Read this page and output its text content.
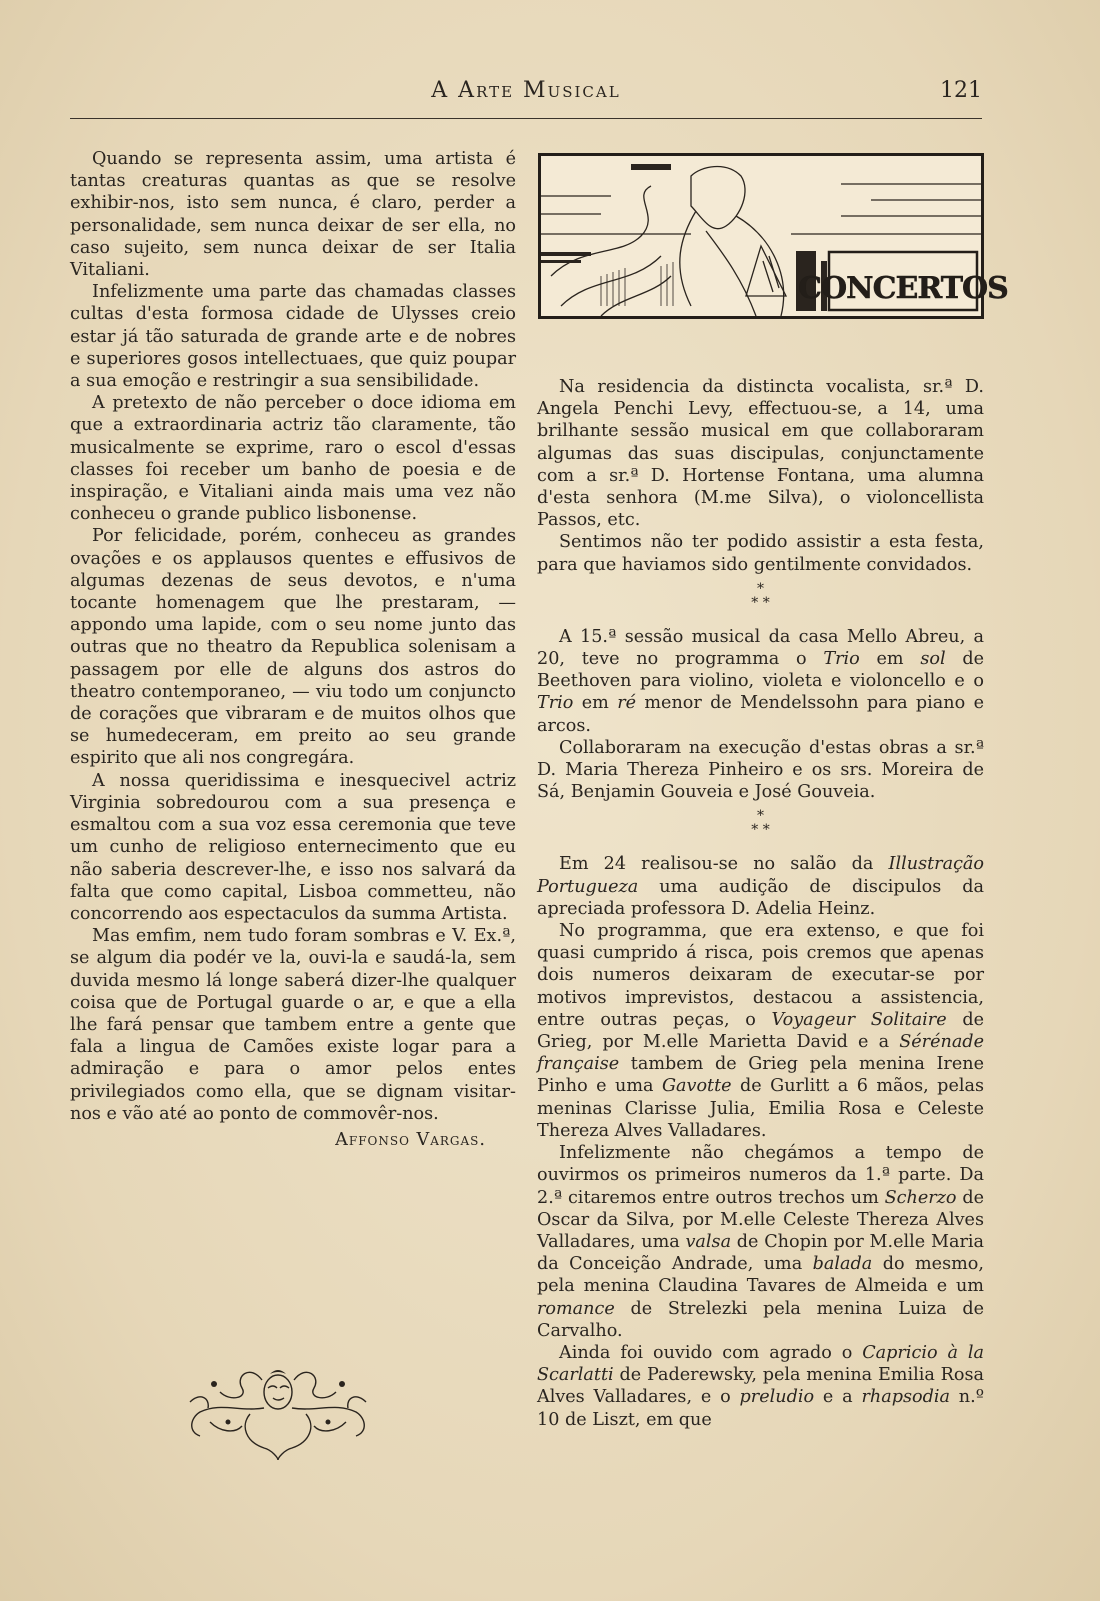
A Arte Musical	121

Quando se representa assim, uma artista é tantas creaturas quantas as que se resolve exhibir-nos, isto sem nunca, é claro, perder a personalidade, sem nunca deixar de ser ella, no caso sujeito, sem nunca deixar de ser Italia Vitaliani.

Infelizmente uma parte das chamadas classes cultas d'esta formosa cidade de Ulysses creio estar já tão saturada de grande arte e de nobres e superiores gosos intellectuaes, que quiz poupar a sua emoção e restringir a sua sensibilidade.

A pretexto de não perceber o doce idioma em que a extraordinaria actriz tão claramente, tão musicalmente se exprime, raro o escol d'essas classes foi receber um banho de poesia e de inspiração, e Vitaliani ainda mais uma vez não conheceu o grande publico lisbonense.

Por felicidade, porém, conheceu as grandes ovações e os applausos quentes e effusivos de algumas dezenas de seus devotos, e n'uma tocante homenagem que lhe prestaram, — appondo uma lapide, com o seu nome junto das outras que no theatro da Republica solenisam a passagem por elle de alguns dos astros do theatro contemporaneo, — viu todo um conjuncto de corações que vibraram e de muitos olhos que se humedeceram, em preito ao seu grande espirito que ali nos congregára.

A nossa queridissima e inesquecivel actriz Virginia sobredourou com a sua presença e esmaltou com a sua voz essa ceremonia que teve um cunho de religioso enternecimento que eu não saberia descrever-lhe, e isso nos salvará da falta que como capital, Lisboa commetteu, não concorrendo aos espectaculos da summa Artista.

Mas emfim, nem tudo foram sombras e V. Ex.ª, se algum dia podér ve la, ouvi-la e saudá-la, sem duvida mesmo lá longe saberá dizer-lhe qualquer coisa que de Portugal guarde o ar, e que a ella lhe fará pensar que tambem entre a gente que fala a lingua de Camões existe logar para a admiração e para o amor pelos entes privilegiados como ella, que se dignam visitar-nos e vão até ao ponto de commovêr-nos.

Affonso Vargas.
CONCERTOS

Na residencia da distincta vocalista, sr.ª D. Angela Penchi Levy, effectuou-se, a 14, uma brilhante sessão musical em que collaboraram algumas das suas discipulas, conjunctamente com a sr.ª D. Hortense Fontana, uma alumna d'esta senhora (M.me Silva), o violoncellista Passos, etc.

Sentimos não ter podido assistir a esta festa, para que haviamos sido gentilmente convidados.

*
* *

A 15.ª sessão musical da casa Mello Abreu, a 20, teve no programma o Trio em sol de Beethoven para violino, violeta e violoncello e o Trio em ré menor de Mendelssohn para piano e arcos.

Collaboraram na execução d'estas obras a sr.ª D. Maria Thereza Pinheiro e os srs. Moreira de Sá, Benjamin Gouveia e José Gouveia.

*
* *

Em 24 realisou-se no salão da Illustração Portugueza uma audição de discipulos da apreciada professora D. Adelia Heinz.

No programma, que era extenso, e que foi quasi cumprido á risca, pois cremos que apenas dois numeros deixaram de executar-se por motivos imprevistos, destacou a assistencia, entre outras peças, o Voyageur Solitaire de Grieg, por M.elle Marietta David e a Sérénade française tambem de Grieg pela menina Irene Pinho e uma Gavotte de Gurlitt a 6 mãos, pelas meninas Clarisse Julia, Emilia Rosa e Celeste Thereza Alves Valladares.

Infelizmente não chegámos a tempo de ouvirmos os primeiros numeros da 1.ª parte. Da 2.ª citaremos entre outros trechos um Scherzo de Oscar da Silva, por M.elle Celeste Thereza Alves Valladares, uma valsa de Chopin por M.elle Maria da Conceição Andrade, uma balada do mesmo, pela menina Claudina Tavares de Almeida e um romance de Strelezki pela menina Luiza de Carvalho.

Ainda foi ouvido com agrado o Capricio à la Scarlatti de Paderewsky, pela menina Emilia Rosa Alves Valladares, e o preludio e a rhapsodia n.º 10 de Liszt, em que
